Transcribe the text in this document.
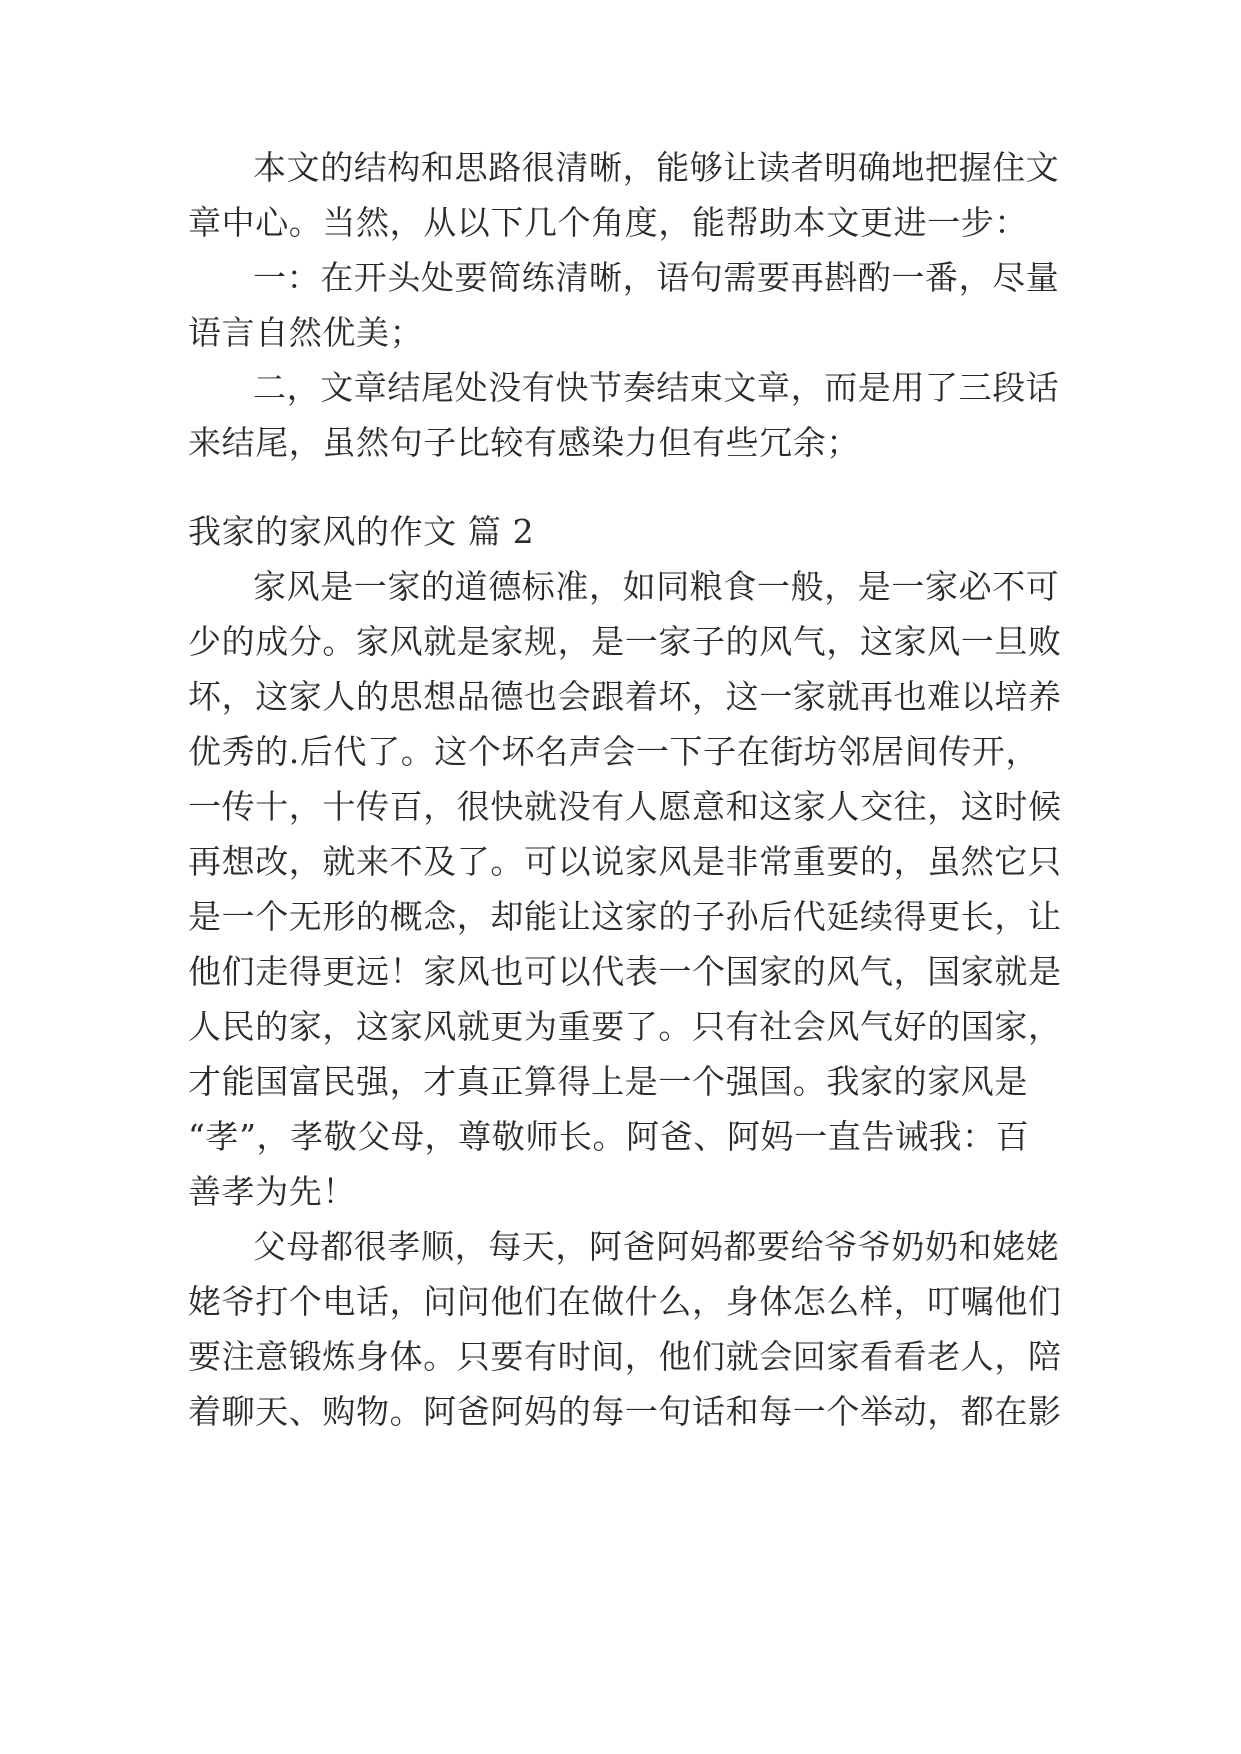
本文的结构和思路很清晰，能够让读者明确地把握住文
章中心。当然，从以下几个角度，能帮助本文更进一步：
一：在开头处要简练清晰，语句需要再斟酌一番，尽量
语言自然优美；
二，文章结尾处没有快节奏结束文章，而是用了三段话
来结尾，虽然句子比较有感染力但有些冗余；
我家的家风的作文 篇 2
家风是一家的道德标准，如同粮食一般，是一家必不可
少的成分。家风就是家规，是一家子的风气，这家风一旦败
坏，这家人的思想品德也会跟着坏，这一家就再也难以培养
优秀的.后代了。这个坏名声会一下子在街坊邻居间传开，
一传十，十传百，很快就没有人愿意和这家人交往，这时候
再想改，就来不及了。可以说家风是非常重要的，虽然它只
是一个无形的概念，却能让这家的子孙后代延续得更长，让
他们走得更远！家风也可以代表一个国家的风气，国家就是
人民的家，这家风就更为重要了。只有社会风气好的国家，
才能国富民强，才真正算得上是一个强国。我家的家风是
“孝”，孝敬父母，尊敬师长。阿爸、阿妈一直告诫我：百
善孝为先！
父母都很孝顺，每天，阿爸阿妈都要给爷爷奶奶和姥姥
姥爷打个电话，问问他们在做什么，身体怎么样，叮嘱他们
要注意锻炼身体。只要有时间，他们就会回家看看老人，陪
着聊天、购物。阿爸阿妈的每一句话和每一个举动，都在影
